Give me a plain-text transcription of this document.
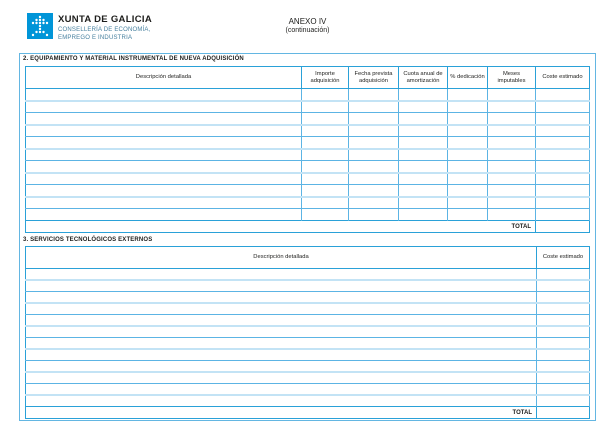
XUNTA DE GALICIA
CONSELLERÍA DE ECONOMÍA,
EMPREGO E INDUSTRIA
ANEXO IV
(continuación)
2. EQUIPAMIENTO Y MATERIAL INSTRUMENTAL DE NUEVA ADQUISICIÓN
Descripción detallada	Importe adquisición	Fecha prevista adquisición	Cuota anual de amortización	% dedicación	Meses imputables	Coste estimado

TOTAL						
3. SERVICIOS TECNOLÓGICOS EXTERNOS
Descripción detallada	Coste estimado

TOTAL	
